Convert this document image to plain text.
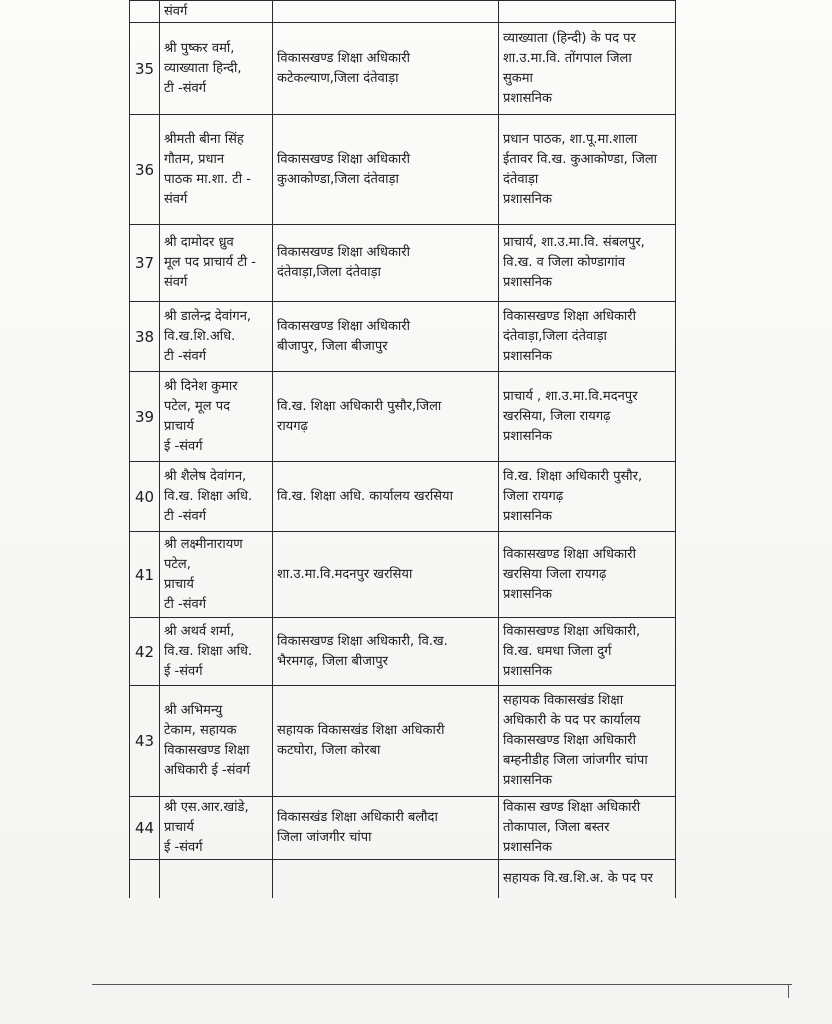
	संवर्ग		

35	श्री पुष्कर वर्मा,
व्याख्याता हिन्दी,
टी -संवर्ग	विकासखण्ड शिक्षा अधिकारी
कटेकल्याण,जिला दंतेवाड़ा	व्याख्याता (हिन्दी) के पद पर
शा.उ.मा.वि. तोंगपाल जिला
सुकमा
प्रशासनिक

36	श्रीमती बीना सिंह
गौतम, प्रधान
पाठक मा.शा. टी -
संवर्ग	विकासखण्ड शिक्षा अधिकारी
कुआकोण्डा,जिला दंतेवाड़ा	प्रधान पाठक, शा.पू.मा.शाला
ईतावर वि.ख. कुआकोण्डा, जिला
दंतेवाड़ा
प्रशासनिक

37	श्री दामोदर ध्रुव
मूल पद प्राचार्य टी -
संवर्ग	विकासखण्ड शिक्षा अधिकारी
दंतेवाड़ा,जिला दंतेवाड़ा	प्राचार्य, शा.उ.मा.वि. संबलपुर,
वि.ख. व जिला कोण्डागांव
प्रशासनिक

38	श्री डालेन्द्र देवांगन,
वि.ख.शि.अधि.
टी -संवर्ग	विकासखण्ड शिक्षा अधिकारी
बीजापुर, जिला बीजापुर	विकासखण्ड शिक्षा अधिकारी
दंतेवाड़ा,जिला दंतेवाड़ा
प्रशासनिक

39	श्री दिनेश कुमार
पटेल, मूल पद
प्राचार्य
ई -संवर्ग	वि.ख. शिक्षा अधिकारी पुसौर,जिला
रायगढ़	प्राचार्य , शा.उ.मा.वि.मदनपुर
खरसिया, जिला रायगढ़
प्रशासनिक

40	श्री शैलेष देवांगन,
वि.ख. शिक्षा अधि.
टी -संवर्ग	वि.ख. शिक्षा अधि. कार्यालय खरसिया	वि.ख. शिक्षा अधिकारी पुसौर,
जिला रायगढ़
प्रशासनिक

41	श्री लक्ष्मीनारायण
पटेल,
प्राचार्य
टी -संवर्ग	शा.उ.मा.वि.मदनपुर खरसिया	विकासखण्ड शिक्षा अधिकारी
खरसिया जिला रायगढ़
प्रशासनिक

42	श्री अथर्व शर्मा,
वि.ख. शिक्षा अधि.
ई -संवर्ग	विकासखण्ड शिक्षा अधिकारी, वि.ख.
भैरमगढ़, जिला बीजापुर	विकासखण्ड शिक्षा अधिकारी,
वि.ख. धमधा जिला दुर्ग
प्रशासनिक

43	श्री अभिमन्यु
टेकाम, सहायक
विकासखण्ड शिक्षा
अधिकारी ई -संवर्ग	सहायक विकासखंड शिक्षा अधिकारी
कटघोरा, जिला कोरबा	सहायक विकासखंड शिक्षा
अधिकारी के पद पर कार्यालय
विकासखण्ड शिक्षा अधिकारी
बम्हनीडीह जिला जांजगीर चांपा
प्रशासनिक

44	श्री एस.आर.खांडे,
प्राचार्य
ई -संवर्ग	विकासखंड शिक्षा अधिकारी बलौदा
जिला जांजगीर चांपा	विकास खण्ड शिक्षा अधिकारी
तोकापाल, जिला बस्तर
प्रशासनिक

			सहायक वि.ख.शि.अ. के पद पर
